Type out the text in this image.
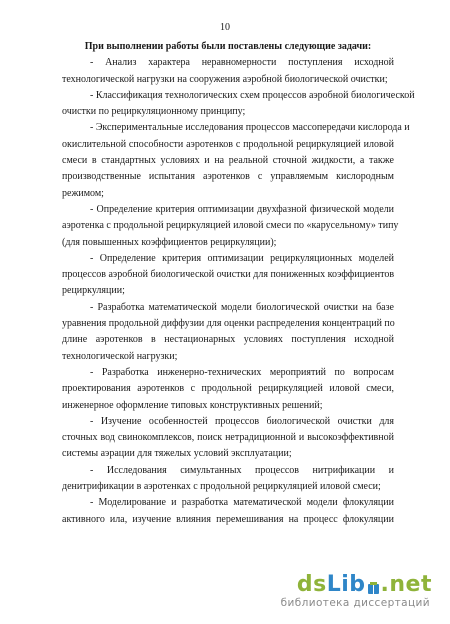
10
При выполнении работы были поставлены следующие задачи:
- Анализ характера неравномерности поступления исходной
технологической нагрузки на сооружения аэробной биологической очистки;
- Классификация технологических схем процессов аэробной биологической
очистки по рециркуляционному принципу;
- Экспериментальные исследования процессов массопередачи кислорода и
окислительной способности аэротенков с продольной рециркуляцией иловой
смеси в стандартных условиях и на реальной сточной жидкости, а также
производственные испытания аэротенков с управляемым кислородным
режимом;
- Определение критерия оптимизации двухфазной физической модели
аэротенка с продольной рециркуляцией иловой смеси по «карусельному» типу
(для повышенных коэффициентов рециркуляции);
- Определение критерия оптимизации рециркуляционных моделей
процессов аэробной биологической очистки для пониженных коэффициентов
рециркуляции;
- Разработка математической модели биологической очистки на базе
уравнения продольной диффузии для оценки распределения концентраций по
длине аэротенков в нестационарных условиях поступления исходной
технологической нагрузки;
- Разработка инженерно-технических мероприятий по вопросам
проектирования аэротенков с продольной рециркуляцией иловой смеси,
инженерное оформление типовых конструктивных решений;
- Изучение особенностей процессов биологической очистки для
сточных вод свинокомплексов, поиск нетрадиционной и высокоэффективной
системы аэрации для тяжелых условий эксплуатации;
- Исследования симультанных процессов нитрификации и
денитрификации в аэротенках с продольной рециркуляцией иловой смеси;
- Моделирование и разработка математической модели флокуляции
активного ила, изучение влияния перемешивания на процесс флокуляции
ds Lib .net
библиотека диссертаций
